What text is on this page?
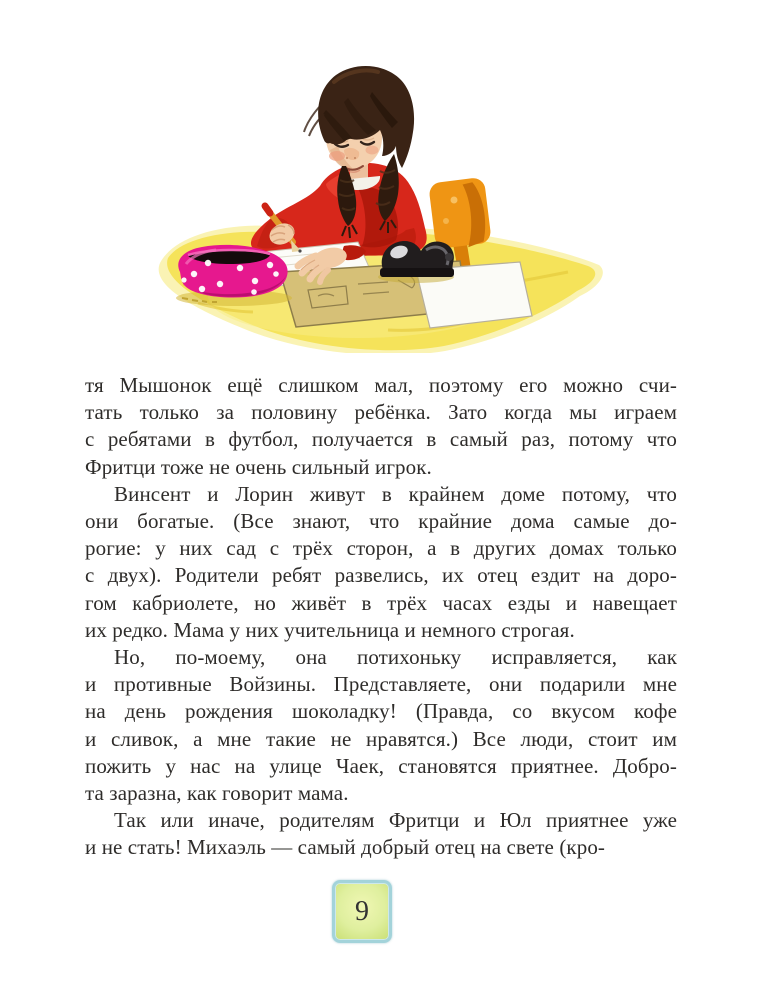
тя Мышонок ещё слишком мал, поэтому его можно счи-
тать только за половину ребёнка. Зато когда мы играем
с ребятами в футбол, получается в самый раз, потому что
Фритци тоже не очень сильный игрок.
Винсент и Лорин живут в крайнем доме потому, что
они богатые. (Все знают, что крайние дома самые до-
рогие: у них сад с трёх сторон, а в других домах только
с двух). Родители ребят развелись, их отец ездит на доро-
гом кабриолете, но живёт в трёх часах езды и навещает
их редко. Мама у них учительница и немного строгая.
Но, по-моему, она потихоньку исправляется, как
и противные Войзины. Представляете, они подарили мне
на день рождения шоколадку! (Правда, со вкусом кофе
и сливок, а мне такие не нравятся.) Все люди, стоит им
пожить у нас на улице Чаек, становятся приятнее. Добро-
та заразна, как говорит мама.
Так или иначе, родителям Фритци и Юл приятнее уже
и не стать! Михаэль — самый добрый отец на свете (кро-
9
